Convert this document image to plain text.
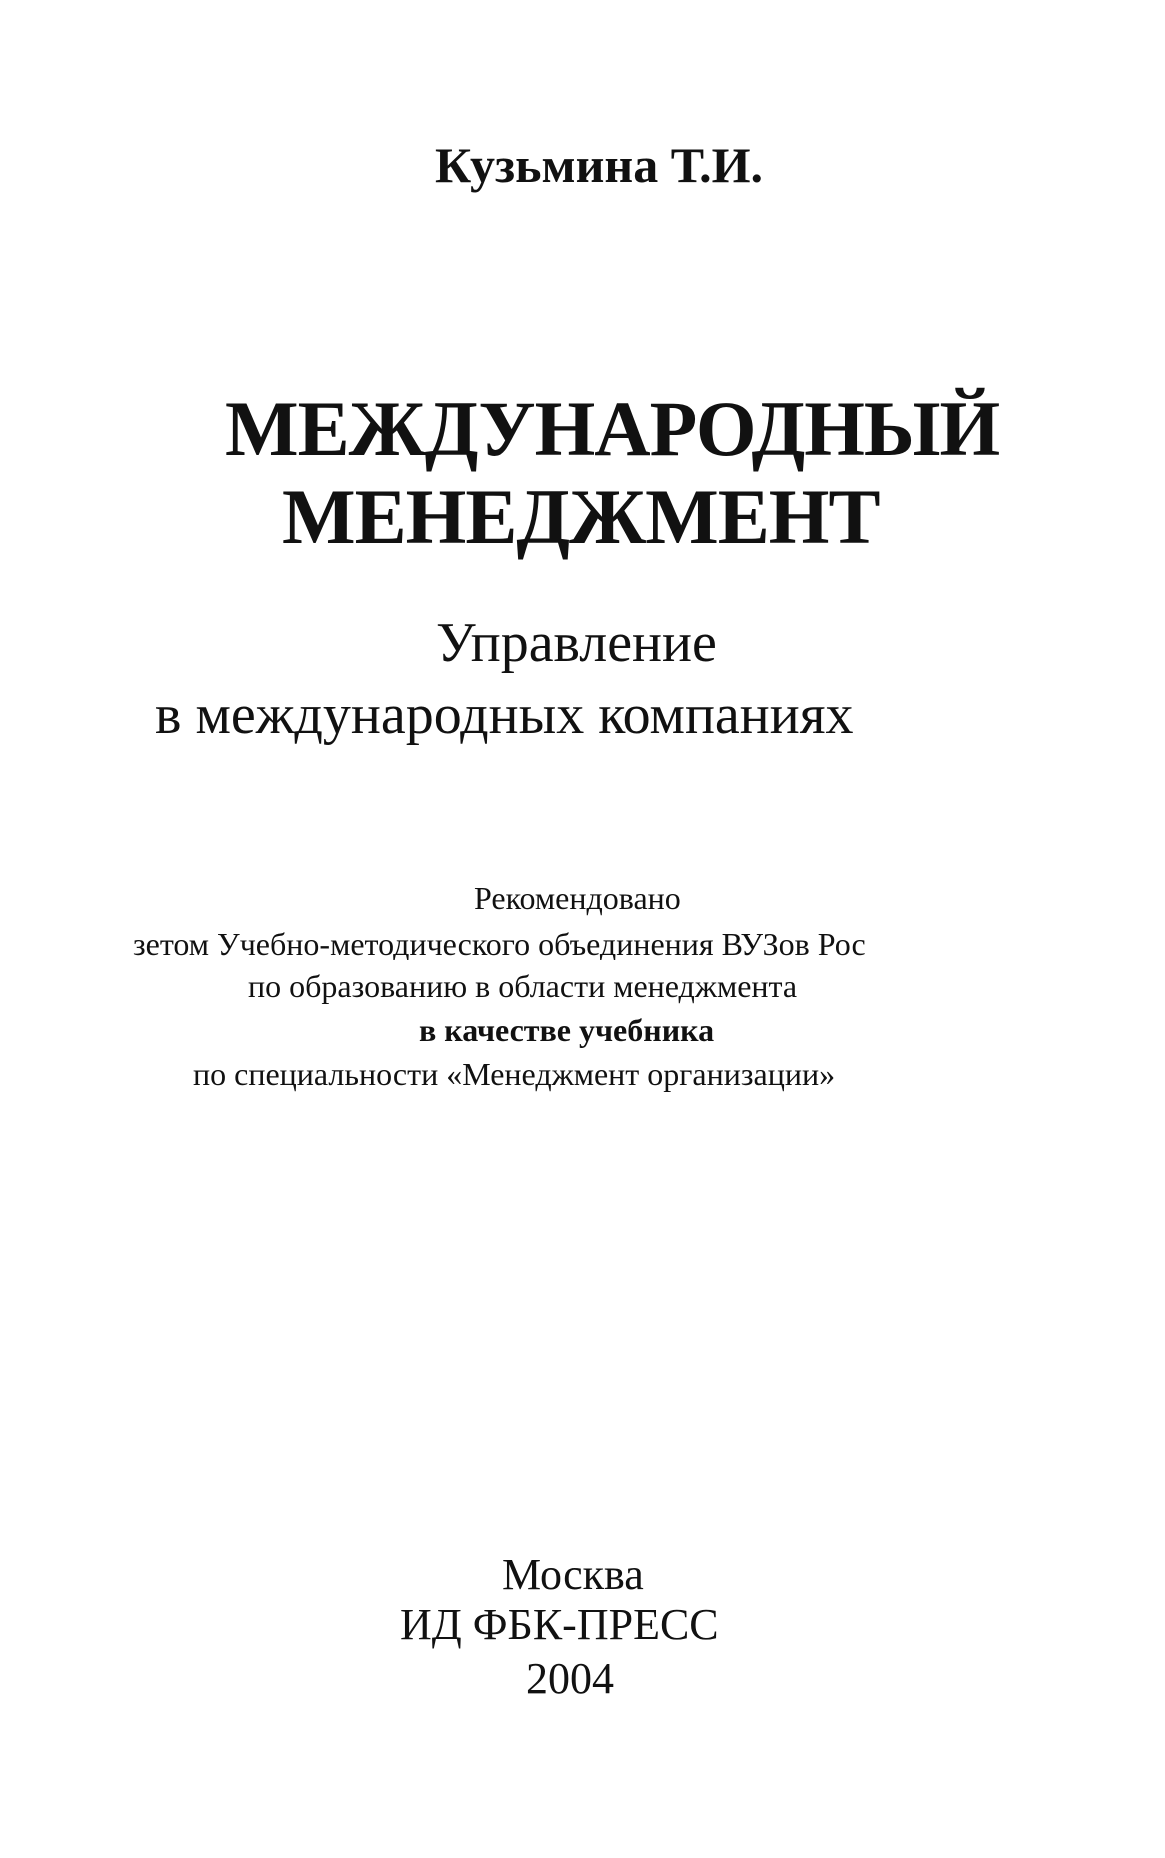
Кузьмина Т.И.
МЕЖДУНАРОДНЫЙ
МЕНЕДЖМЕНТ
Управление
в международных компаниях
Рекомендовано
зетом Учебно-методического объединения ВУЗов Рос
по образованию в области менеджмента
в качестве учебника
по специальности «Менеджмент организации»
Москва
ИД ФБК-ПРЕСС
2004
